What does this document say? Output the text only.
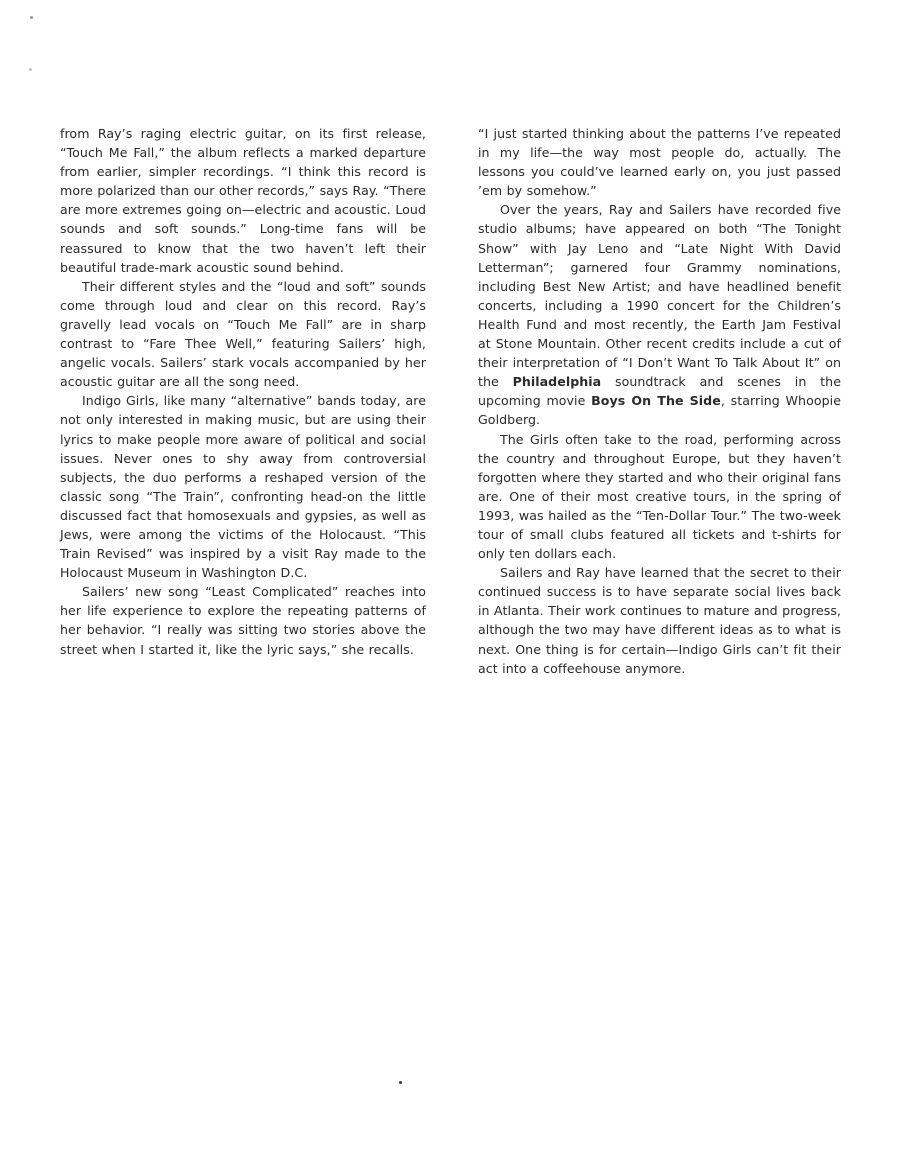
from Ray’s raging electric guitar, on its first release, “Touch Me Fall,” the album reflects a marked departure from earlier, simpler recordings. “I think this record is more polarized than our other records,” says Ray. “There are more extremes going on—electric and acoustic. Loud sounds and soft sounds.” Long-time fans will be reassured to know that the two haven’t left their beautiful trade-mark acoustic sound behind.

Their different styles and the “loud and soft” sounds come through loud and clear on this record. Ray’s gravelly lead vocals on “Touch Me Fall” are in sharp contrast to “Fare Thee Well,” featuring Sailers’ high, angelic vocals. Sailers’ stark vocals accompanied by her acoustic guitar are all the song need.

Indigo Girls, like many “alternative” bands today, are not only interested in making music, but are using their lyrics to make people more aware of political and social issues. Never ones to shy away from controversial subjects, the duo performs a reshaped version of the classic song “The Train”, confronting head-on the little discussed fact that homosexuals and gypsies, as well as Jews, were among the victims of the Holocaust. “This Train Revised” was inspired by a visit Ray made to the Holocaust Museum in Washington D.C.

Sailers’ new song “Least Complicated” reaches into her life experience to explore the repeating patterns of her behavior. “I really was sitting two stories above the street when I started it, like the lyric says,” she recalls.

“I just started thinking about the patterns I’ve repeated in my life—the way most people do, actually. The lessons you could’ve learned early on, you just passed ’em by somehow.”

Over the years, Ray and Sailers have recorded five studio albums; have appeared on both “The Tonight Show” with Jay Leno and “Late Night With David Letterman”; garnered four Grammy nominations, including Best New Artist; and have headlined benefit concerts, including a 1990 concert for the Children’s Health Fund and most recently, the Earth Jam Festival at Stone Mountain. Other recent credits include a cut of their interpretation of “I Don’t Want To Talk About It” on the Philadelphia soundtrack and scenes in the upcoming movie Boys On The Side, starring Whoopie Goldberg.

The Girls often take to the road, performing across the country and throughout Europe, but they haven’t forgotten where they started and who their original fans are. One of their most creative tours, in the spring of 1993, was hailed as the “Ten-Dollar Tour.” The two-week tour of small clubs featured all tickets and t-shirts for only ten dollars each.

Sailers and Ray have learned that the secret to their continued success is to have separate social lives back in Atlanta. Their work continues to mature and progress, although the two may have different ideas as to what is next. One thing is for certain—Indigo Girls can’t fit their act into a coffeehouse anymore.
